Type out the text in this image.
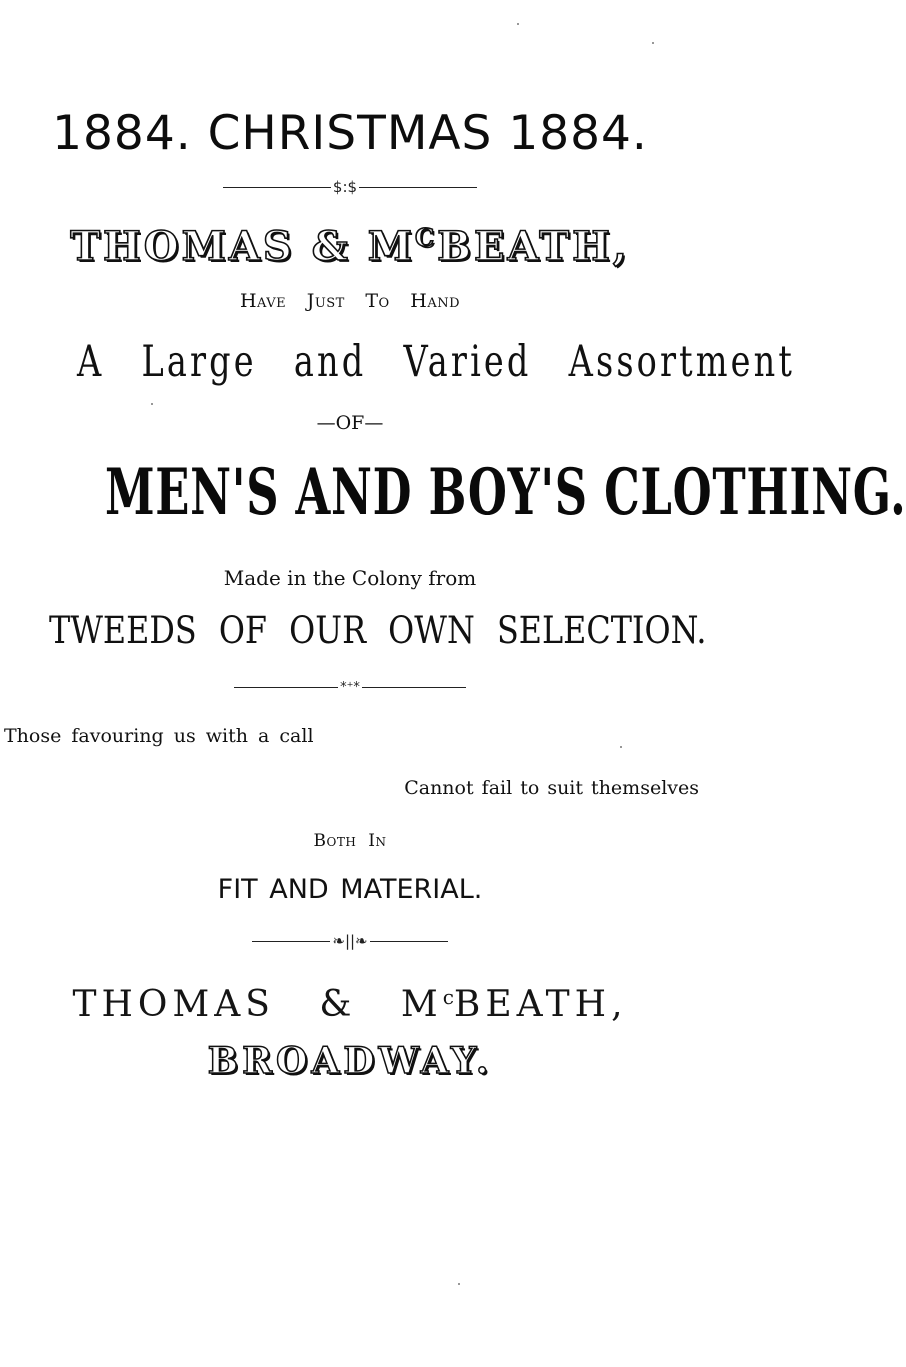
1884. CHRISTMAS 1884.
$:$
THOMAS & $M^CBEATH$,
Have Just To Hand
A Large and Varied Assortment
—OF—
MEN'S AND BOY'S CLOTHING.
Made in the Colony from
TWEEDS OF OUR OWN SELECTION.
*⁺*
Those favouring us with a call
Cannot fail to suit themselves
Both In
FIT AND MATERIAL.
❧||❧
THOMAS & $M^cBEATH$,
BROADWAY.
